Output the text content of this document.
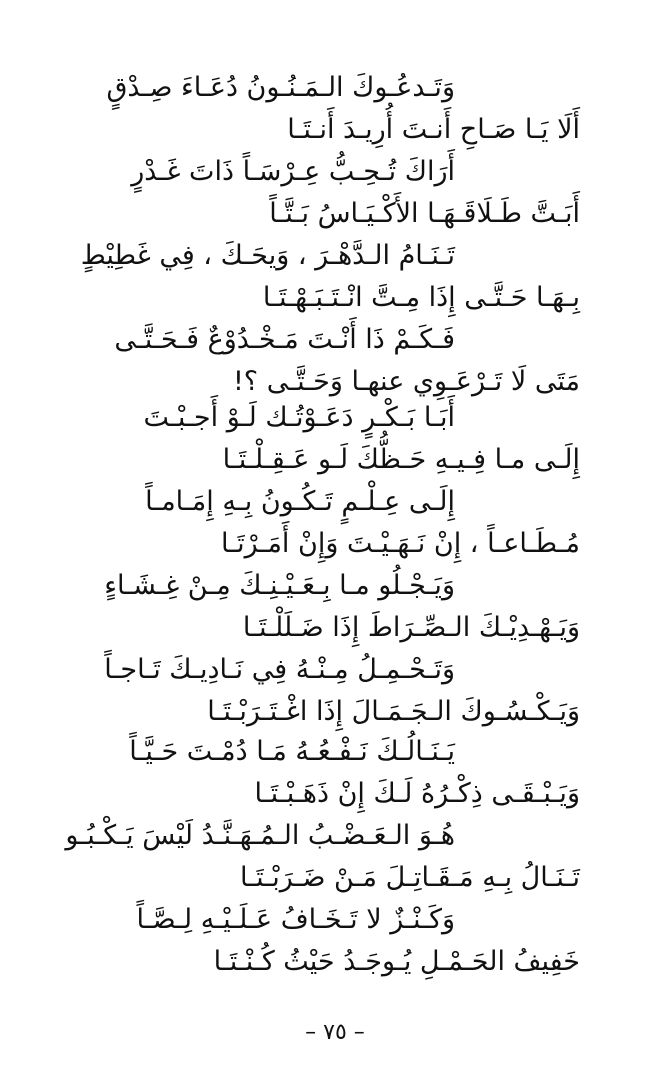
وَتَـدعُـوكَ الـمَـنُـونُ دُعَـاءَ صِـدْقٍ
أَلَا يَـا صَـاحِ أَنـتَ أُرِيـدَ أَنـتَـا
أَرَاكَ تُـحِـبُّ عِـرْسَـاً ذَاتَ غَـدْرٍ
أَبَـتَّ طَـلَاقَـهَـا الأَكْـيَـاسُ بَـتَّـاً
تَـنَـامُ الـدَّهْـرَ ، وَيحَـكَ ، فِي غَطِيْطٍ
بِـهَـا حَـتَّـى إِذَا مِـتَّ انْـتَـبَـهْـتَـا
فَـكَـمْ ذَا أَنْـتَ مَـخْـدُوْعٌ فَـحَـتَّـى
مَتَى لَا تَـرْعَـوِي عنهـا وَحَـتَّـى ؟!
أَبَـا بَـكْـرٍ دَعَـوْتُـك لَـوْ أَجـبْـتَ
إِلَـى مـا فِـيـهِ حَـظُّكَ لَـو عَـقِـلْـتَـا
إِلَـى عِـلْـمٍ تَـكُـونُ بِـهِ إِمَـامـاً
مُـطَـاعـاً ، إِنْ نَـهَـيْـتَ وَإِنْ أَمَـرْتَـا
وَيَـجْـلُو مـا بِـعَـيْـنِـكَ مِـنْ غِـشَـاءٍ
وَيَـهْـدِيْـكَ الـصِّـرَاطَ إِذَا ضَـلَلْـتَـا
وَتَـحْـمِـلُ مِـنْـهُ فِي نَـادِيـكَ تَـاجـاً
وَيَـكْـسُـوكَ الـجَـمَـالَ إِذَا اغْـتَـرَبْـتَـا
يَـنَـالُـكَ نَـفْـعُـهُ مَـا دُمْـتَ حَـيَّـاً
وَيَـبْـقَـى ذِكْـرُهُ لَـكَ إِنْ ذَهَـبْـتَـا
هُـوَ الـعَـضْـبُ الـمُـهَـنَّـدُ لَيْسَ يَـكْـبُـو
تَـنَـالُ بِـهِ مَـقَـاتِـلَ مَـنْ ضَـرَبْـتَـا
وَكَـنْـزٌ لا تَـخَـافُ عَـلَـيْـهِ لِـصَّـاً
خَفِيفُ الحَـمْـلِ يُـوجَـدُ حَيْثُ كُـنْـتَـا
– ٧٥ –
